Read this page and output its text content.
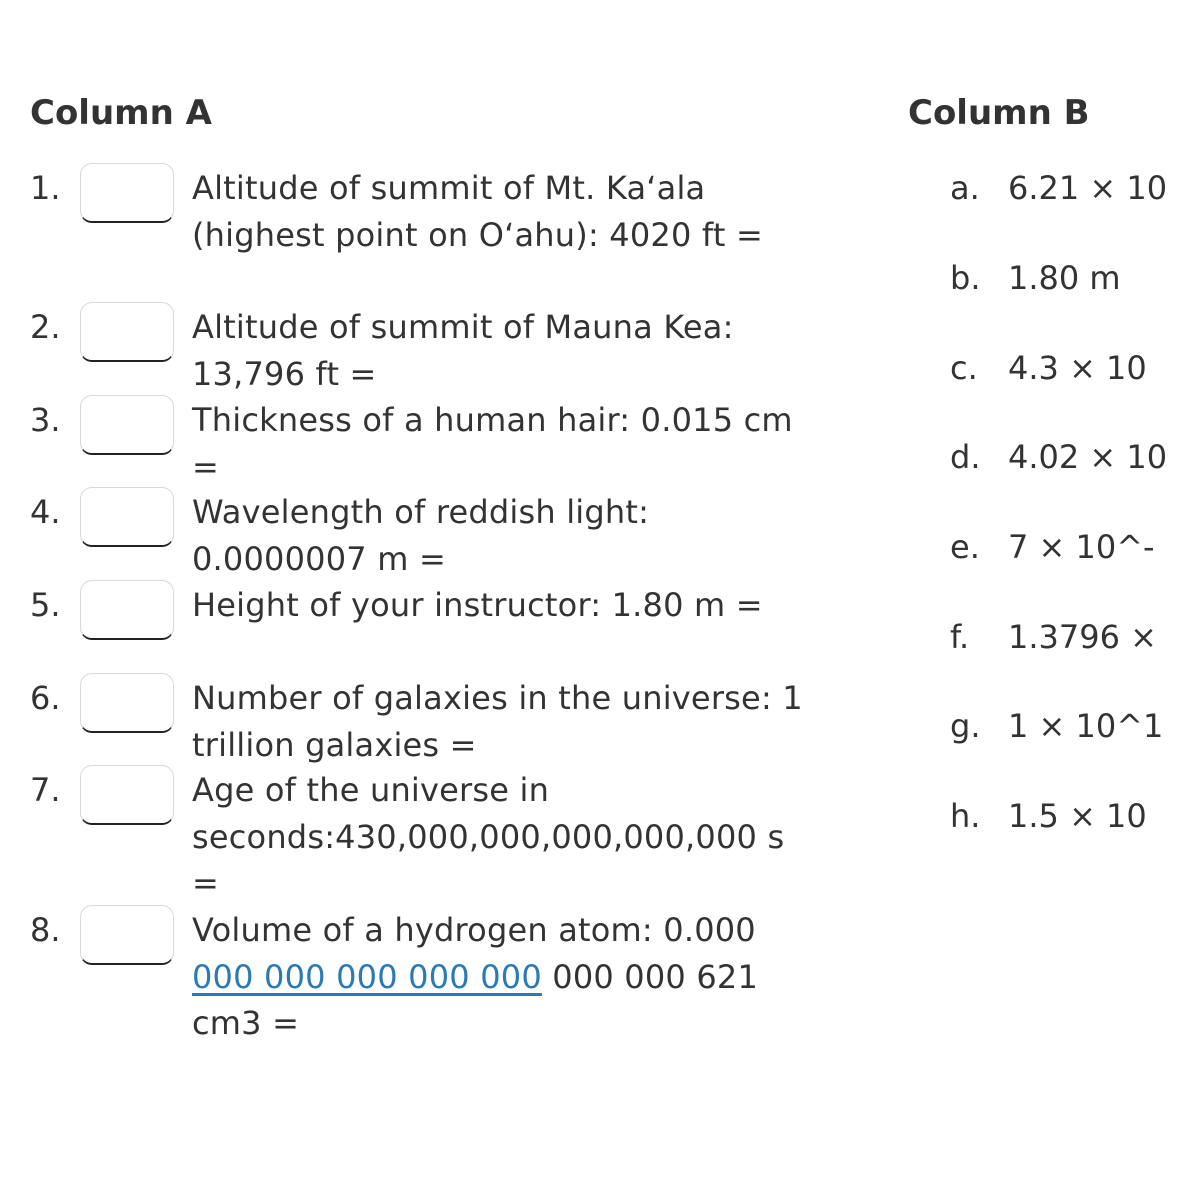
Column A	Column B
1.	Altitude of summit of Mt. Kaʻala (highest point on Oʻahu): 4020 ft =
2.	Altitude of summit of Mauna Kea: 13,796 ft =
3.	Thickness of a human hair: 0.015 cm =
4.	Wavelength of reddish light: 0.0000007 m =
5.	Height of your instructor: 1.80 m =
6.	Number of galaxies in the universe: 1 trillion galaxies =
7.	Age of the universe in seconds:430,000,000,000,000,000 s =
8.	Volume of a hydrogen atom: 0.000 000 000 000 000 000 000 000 621 cm3 =
a. 6.21 × 10
b. 1.80 m
c. 4.3 × 10
d. 4.02 × 10
e. 7 × 10^-
f. 1.3796 ×
g. 1 × 10^1
h. 1.5 × 10
